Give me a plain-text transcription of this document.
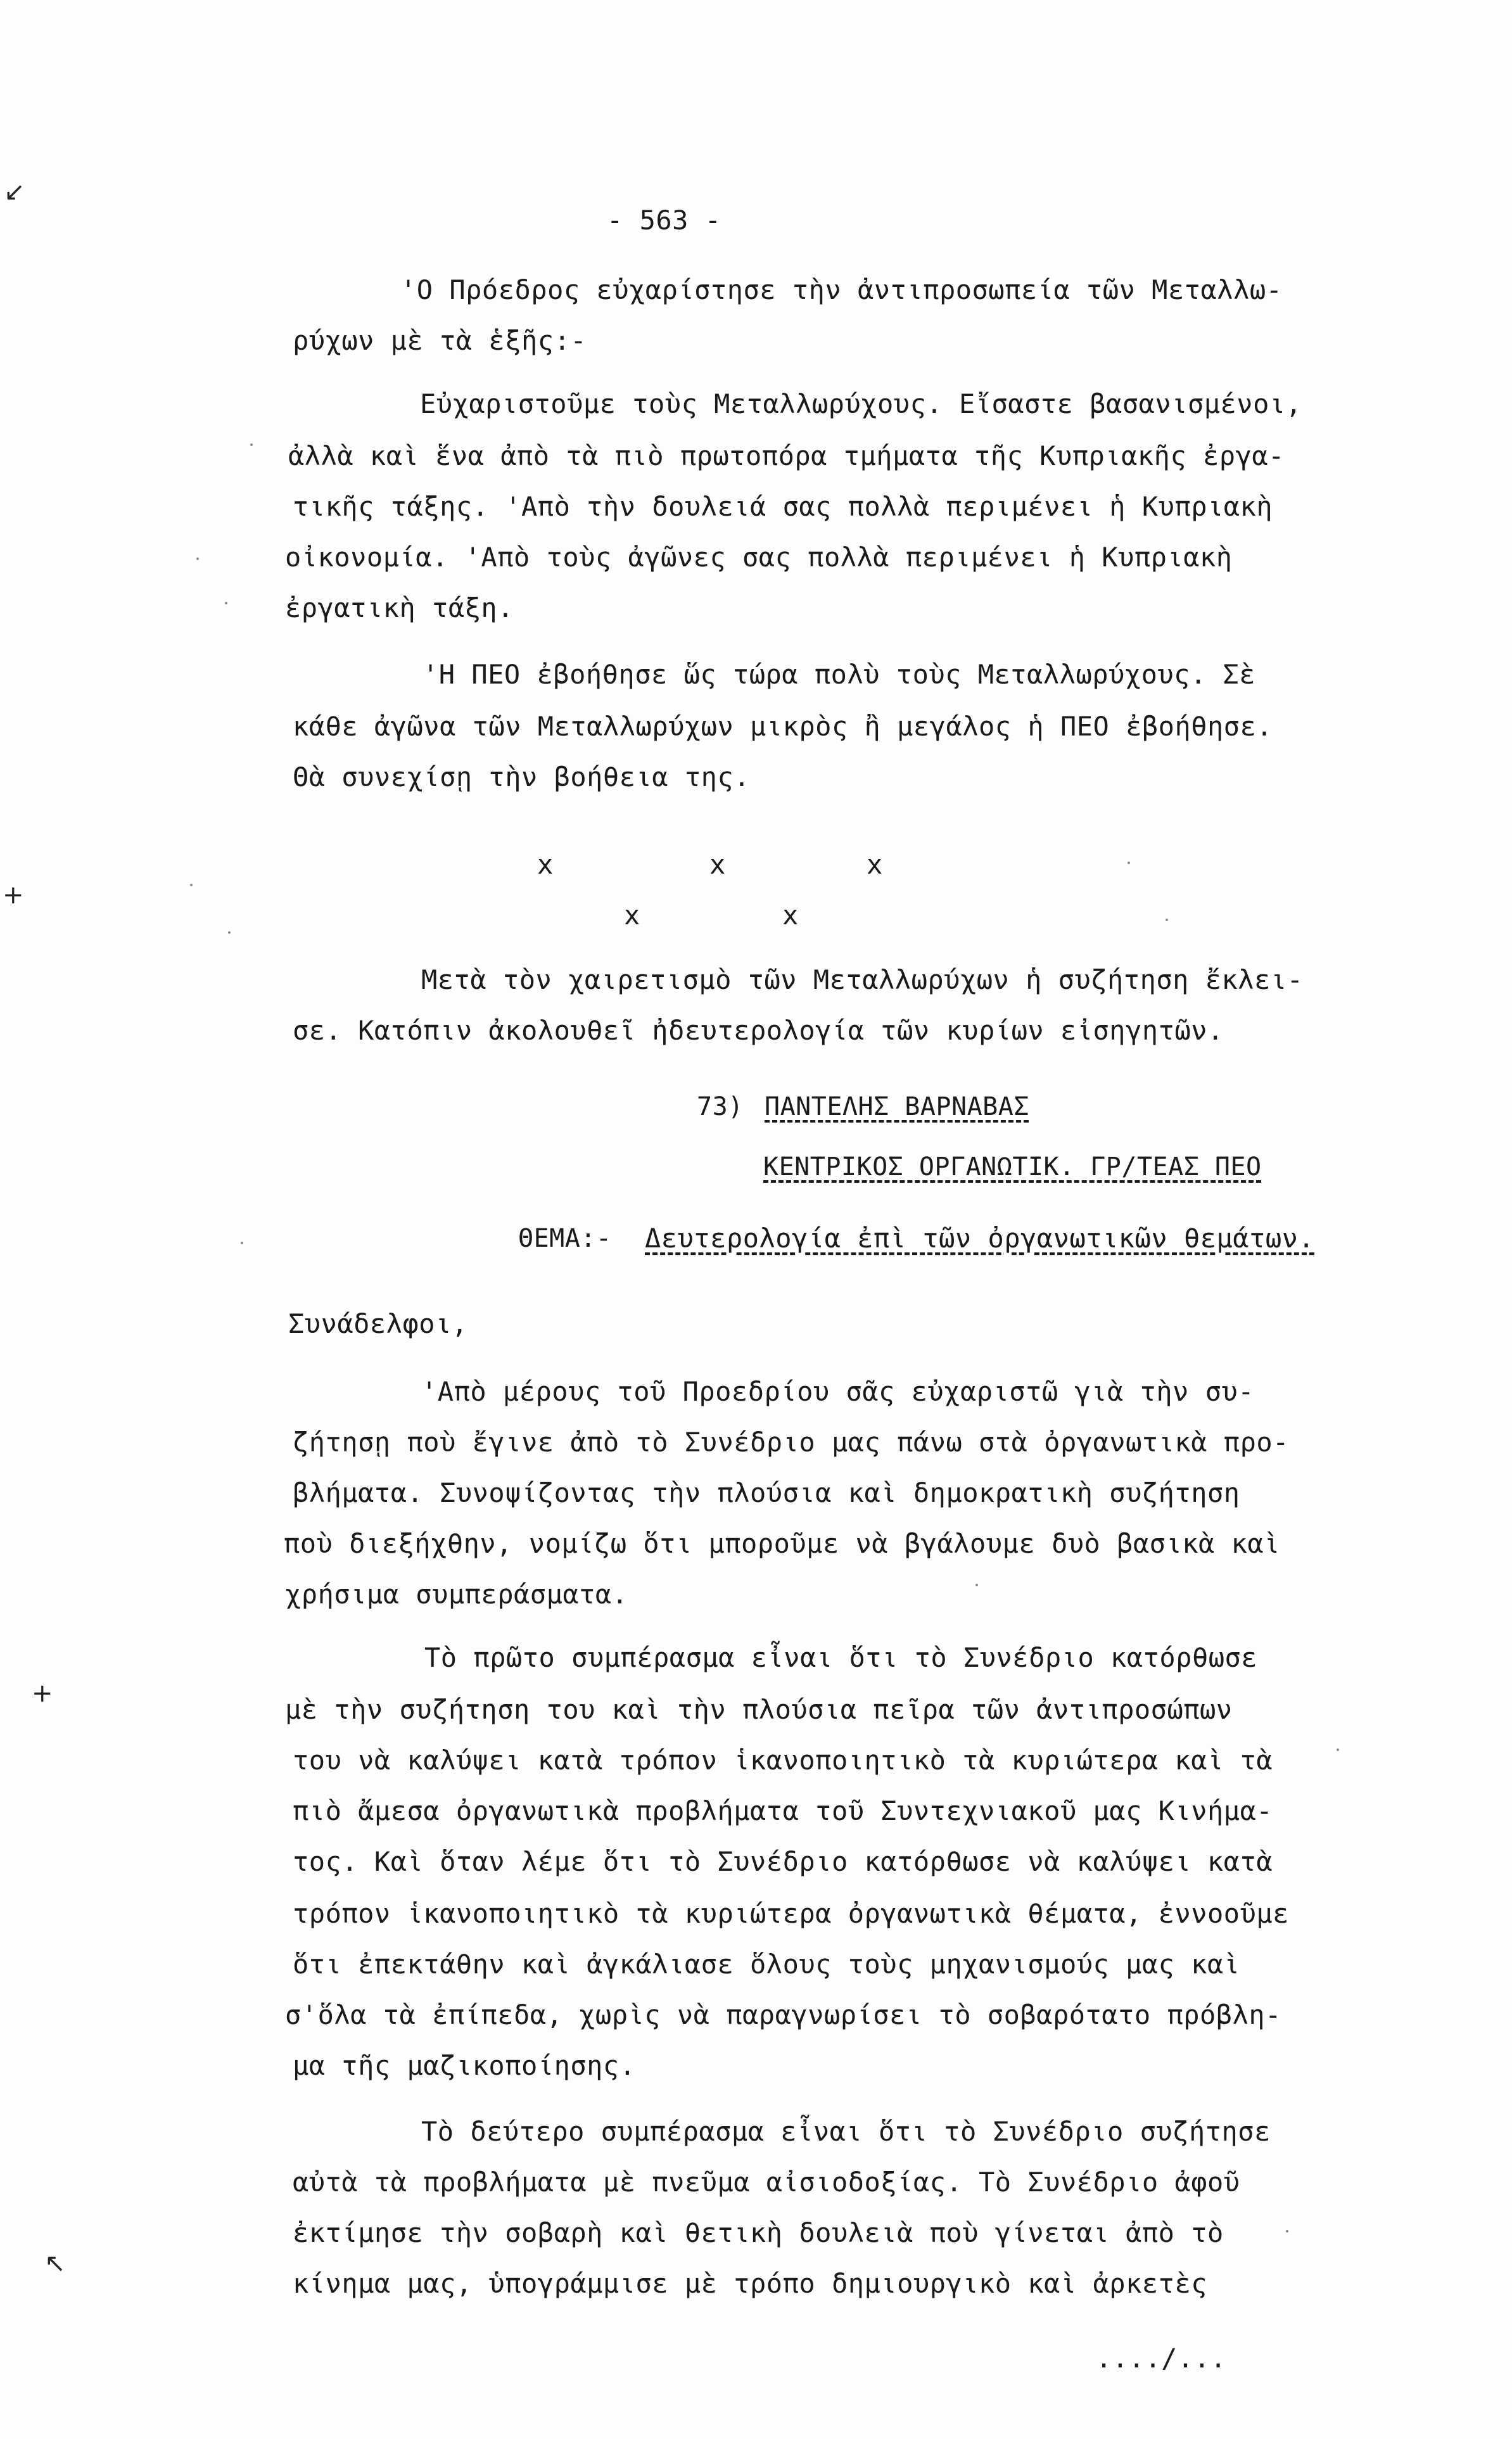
↙
+
+
↖
- 563 -
'Ο Πρόεδρος εὐχαρίστησε τὴν ἀντιπροσωπεία τῶν Μεταλλω-
ρύχων μὲ τὰ ἑξῆς:-
Εὐχαριστοῦμε τοὺς Μεταλλωρύχους. Εἴσαστε βασανισμένοι,
ἀλλὰ καὶ ἕνα ἀπὸ τὰ πιὸ πρωτοπόρα τμήματα τῆς Κυπριακῆς ἐργα-
τικῆς τάξης. 'Απὸ τὴν δουλειά σας πολλὰ περιμένει ἡ Κυπριακὴ
οἰκονομία. 'Απὸ τοὺς ἀγῶνες σας πολλὰ περιμένει ἡ Κυπριακὴ
ἐργατικὴ τάξη.
'Η ΠΕΟ ἐβοήθησε ὥς τώρα πολὺ τοὺς Μεταλλωρύχους. Σὲ
κάθε ἀγῶνα τῶν Μεταλλωρύχων μικρὸς ἢ μεγάλος ἡ ΠΕΟ ἐβοήθησε.
Θὰ συνεχίσῃ τὴν βοήθεια της.
x	x	x
x	x
Μετὰ τὸν χαιρετισμὸ τῶν Μεταλλωρύχων ἡ συζήτηση ἔκλει-
σε. Κατόπιν ἀκολουθεῖ ἠδευτερολογία τῶν κυρίων εἰσηγητῶν.
73) ΠΑΝΤΕΛΗΣ ΒΑΡΝΑΒΑΣ
ΚΕΝΤΡΙΚΟΣ ΟΡΓΑΝΩΤΙΚ. ΓΡ/ΤΕΑΣ ΠΕΟ
ΘΕΜΑ:- Δευτερολογία ἐπὶ τῶν ὀργανωτικῶν θεμάτων.
Συνάδελφοι,
'Απὸ μέρους τοῦ Προεδρίου σᾶς εὐχαριστῶ γιὰ τὴν συ-
ζήτησῃ ποὺ ἔγινε ἀπὸ τὸ Συνέδριο μας πάνω στὰ ὀργανωτικὰ προ-
βλήματα. Συνοψίζοντας τὴν πλούσια καὶ δημοκρατικὴ συζήτηση
ποὺ διεξήχθην, νομίζω ὅτι μποροῦμε νὰ βγάλουμε δυὸ βασικὰ καὶ
χρήσιμα συμπεράσματα.
Τὸ πρῶτο συμπέρασμα εἶναι ὅτι τὸ Συνέδριο κατόρθωσε
μὲ τὴν συζήτηση του καὶ τὴν πλούσια πεῖρα τῶν ἀντιπροσώπων
του νὰ καλύψει κατὰ τρόπον ἱκανοποιητικὸ τὰ κυριώτερα καὶ τὰ
πιὸ ἄμεσα ὀργανωτικὰ προβλήματα τοῦ Συντεχνιακοῦ μας Κινήμα-
τος. Καὶ ὅταν λέμε ὅτι τὸ Συνέδριο κατόρθωσε νὰ καλύψει κατὰ
τρόπον ἱκανοποιητικὸ τὰ κυριώτερα ὀργανωτικὰ θέματα, ἐννοοῦμε
ὅτι ἐπεκτάθην καὶ ἀγκάλιασε ὅλους τοὺς μηχανισμούς μας καὶ
σ'ὅλα τὰ ἐπίπεδα, χωρὶς νὰ παραγνωρίσει τὸ σοβαρότατο πρόβλη-
μα τῆς μαζικοποίησης.
Τὸ δεύτερο συμπέρασμα εἶναι ὅτι τὸ Συνέδριο συζήτησε
αὐτὰ τὰ προβλήματα μὲ πνεῦμα αἰσιοδοξίας. Τὸ Συνέδριο ἀφοῦ
ἐκτίμησε τὴν σοβαρὴ καὶ θετικὴ δουλειὰ ποὺ γίνεται ἀπὸ τὸ
κίνημα μας, ὑπογράμμισε μὲ τρόπο δημιουργικὸ καὶ ἀρκετὲς
..../...
